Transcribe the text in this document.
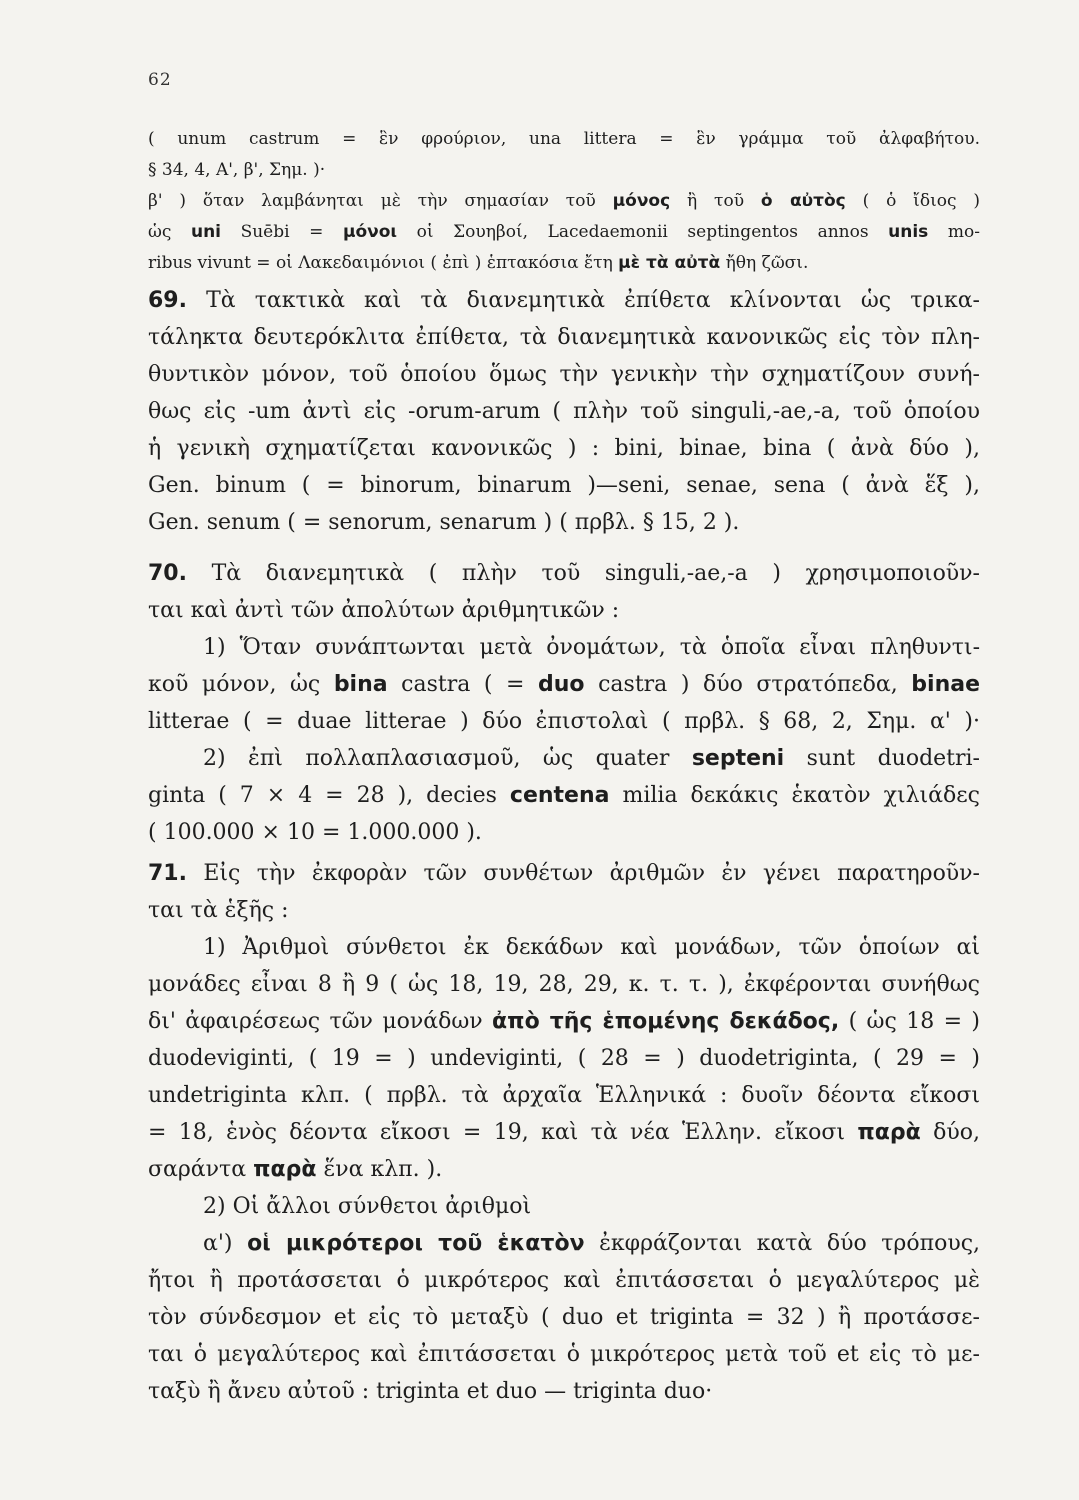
62
( unum castrum = ἓν φρούριον, una littera = ἓν γράμμα τοῦ ἀλφαβήτου.
§ 34, 4, Α', β', Σημ. )·
β' ) ὅταν λαμβάνηται μὲ τὴν σημασίαν τοῦ μόνος ἢ τοῦ ὁ αὐτὸς ( ὁ ἴδιος )
ὡς uni Suēbi = μόνοι οἱ Σουηβοί, Lacedaemonii septingentos annos unis mo-
ribus vivunt = οἱ Λακεδαιμόνιοι ( ἐπὶ ) ἑπτακόσια ἔτη μὲ τὰ αὐτὰ ἤθη ζῶσι.
69. Τὰ τακτικὰ καὶ τὰ διανεμητικὰ ἐπίθετα κλίνονται ὡς τρικα-
τάληκτα δευτερόκλιτα ἐπίθετα, τὰ διανεμητικὰ κανονικῶς εἰς τὸν πλη-
θυντικὸν μόνον, τοῦ ὁποίου ὅμως τὴν γενικὴν τὴν σχηματίζουν συνή-
θως εἰς -um ἀντὶ εἰς -orum-arum ( πλὴν τοῦ singuli,-ae,-a, τοῦ ὁποίου
ἡ γενικὴ σχηματίζεται κανονικῶς ) : bini, binae, bina ( ἀνὰ δύο ),
Gen. binum ( = binorum, binarum )—seni, senae, sena ( ἀνὰ ἕξ ),
Gen. senum ( = senorum, senarum ) ( πρβλ. § 15, 2 ).
70. Τὰ διανεμητικὰ ( πλὴν τοῦ singuli,-ae,-a ) χρησιμοποιοῦν-
ται καὶ ἀντὶ τῶν ἀπολύτων ἀριθμητικῶν :
1) Ὅταν συνάπτωνται μετὰ ὀνομάτων, τὰ ὁποῖα εἶναι πληθυντι-
κοῦ μόνον, ὡς bina castra ( = duo castra ) δύο στρατόπεδα, binae
litterae ( = duae litterae ) δύο ἐπιστολαὶ ( πρβλ. § 68, 2, Σημ. α' )·
2) ἐπὶ πολλαπλασιασμοῦ, ὡς quater septeni sunt duodetri-
ginta ( 7 × 4 = 28 ), decies centena milia δεκάκις ἑκατὸν χιλιάδες
( 100.000 × 10 = 1.000.000 ).
71. Εἰς τὴν ἐκφορὰν τῶν συνθέτων ἀριθμῶν ἐν γένει παρατηροῦν-
ται τὰ ἑξῆς :
1) Ἀριθμοὶ σύνθετοι ἐκ δεκάδων καὶ μονάδων, τῶν ὁποίων αἱ
μονάδες εἶναι 8 ἢ 9 ( ὡς 18, 19, 28, 29, κ. τ. τ. ), ἐκφέρονται συνήθως
δι' ἀφαιρέσεως τῶν μονάδων ἀπὸ τῆς ἑπομένης δεκάδος, ( ὡς 18 = )
duodeviginti, ( 19 = ) undeviginti, ( 28 = ) duodetriginta, ( 29 = )
undetriginta κλπ. ( πρβλ. τὰ ἀρχαῖα Ἑλληνικά : δυοῖν δέοντα εἴκοσι
= 18, ἑνὸς δέοντα εἴκοσι = 19, καὶ τὰ νέα Ἑλλην. εἴκοσι παρὰ δύο,
σαράντα παρὰ ἕνα κλπ. ).
2) Οἱ ἄλλοι σύνθετοι ἀριθμοὶ
α') οἱ μικρότεροι τοῦ ἑκατὸν ἐκφράζονται κατὰ δύο τρόπους,
ἤτοι ἢ προτάσσεται ὁ μικρότερος καὶ ἐπιτάσσεται ὁ μεγαλύτερος μὲ
τὸν σύνδεσμον et εἰς τὸ μεταξὺ ( duo et triginta = 32 ) ἢ προτάσσε-
ται ὁ μεγαλύτερος καὶ ἐπιτάσσεται ὁ μικρότερος μετὰ τοῦ et εἰς τὸ με-
ταξὺ ἢ ἄνευ αὐτοῦ : triginta et duo — triginta duo·
